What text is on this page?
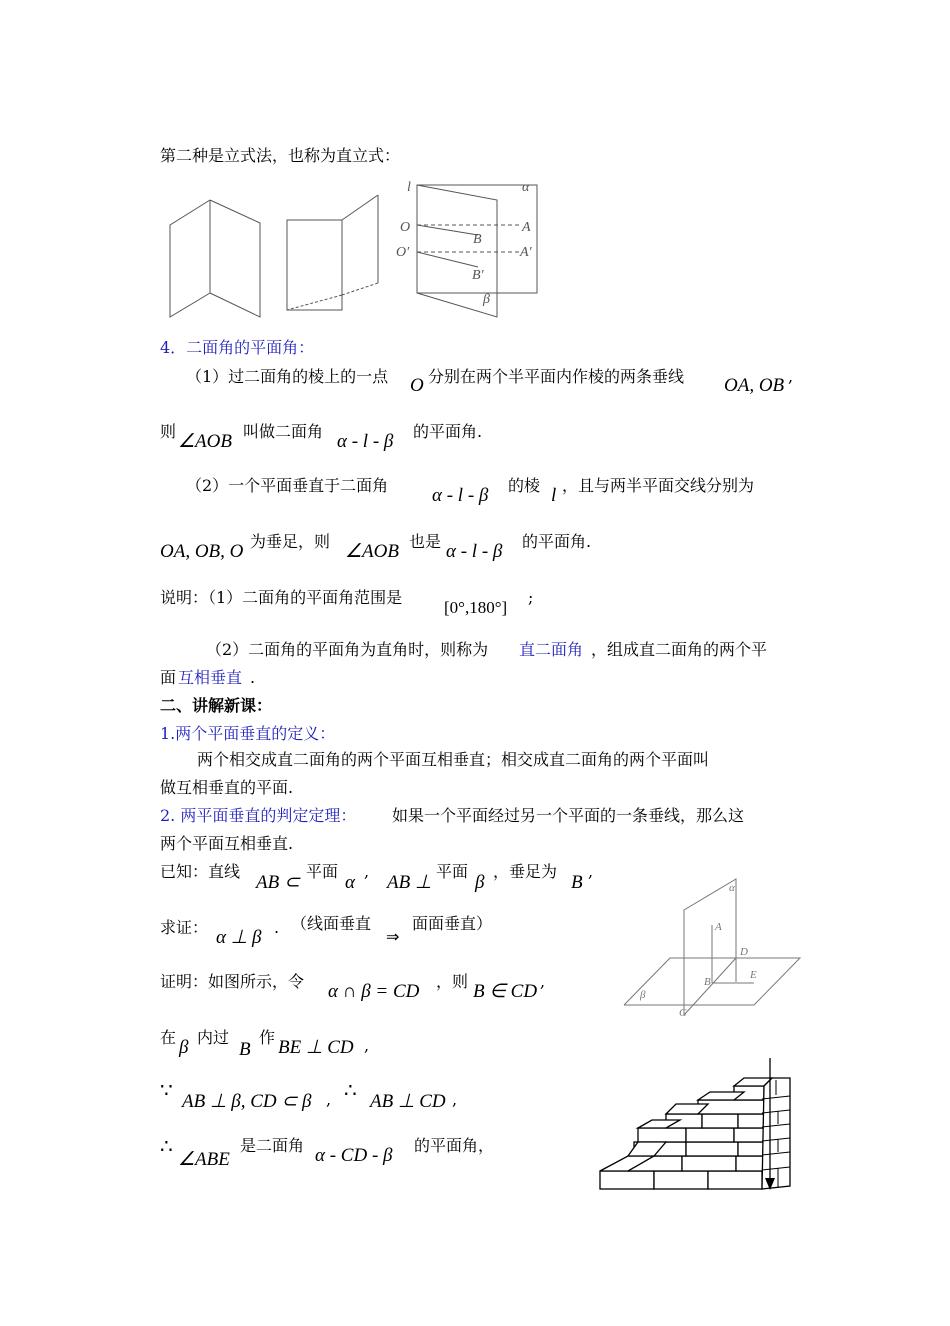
第二种是立式法，也称为直立式：
l	α
O	A
B
O′	A′
B′
β
4．二面角的平面角：
（1）过二面角的棱上的一点 O 分别在两个半平面内作棱的两条垂线 OA, OB ,
则 ∠AOB 叫做二面角 α - l - β 的平面角.
（2）一个平面垂直于二面角 α - l - β 的棱 l ，且与两半平面交线分别为
OA, OB, O 为垂足，则 ∠AOB 也是 α - l - β 的平面角.
说明：（1）二面角的平面角范围是
[0°,180°]
;
（2）二面角的平面角为直角时，则称为 直二面角 ，组成直二面角的两个平
面 互相垂直 .
二、讲解新课：
1.两个平面垂直的定义：
两个相交成直二面角的两个平面互相垂直；相交成直二面角的两个平面叫
做互相垂直的平面.
2. 两平面垂直的判定定理： 如果一个平面经过另一个平面的一条垂线，那么这
两个平面互相垂直.
已知：直线
AB ⊂
平面
α
,
AB ⊥
平面
β
，垂足为
B
,
求证： α ⊥ β . （线面垂直
⇒
面面垂直）
证明：如图所示，令 α ∩ β = CD ，则 B ∈ CD ,
在 β 内过
B
作 BE ⊥ CD ,
∵ AB ⊥ β, CD ⊂ β , ∴ AB ⊥ CD ,
∴
∠ABE
是二面角 α - CD - β 的平面角，
α
A
D
B
E
β
C
